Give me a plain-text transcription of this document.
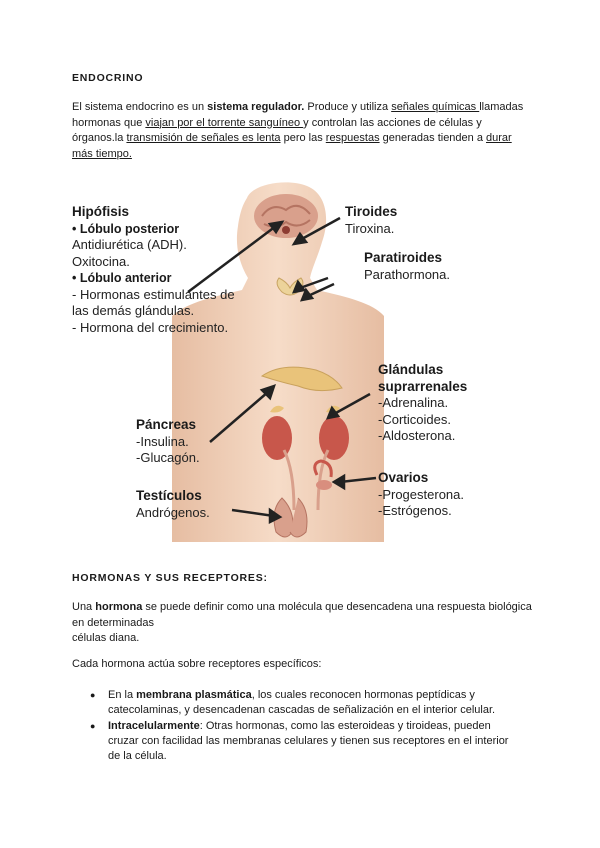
ENDOCRINO
El sistema endocrino es un sistema regulador. Produce y utiliza señales químicas llamadas hormonas que viajan por el torrente sanguíneo y controlan las acciones de células y órganos.la transmisión de señales es lenta pero las respuestas generadas tienden a durar más tiempo.
Hipófisis
• Lóbulo posterior
Antidiurética (ADH).
Oxitocina.
• Lóbulo anterior
- Hormonas estimulantes de
las demás glándulas.
- Hormona del crecimiento.
Tiroides
Tiroxina.
Paratiroides
Parathormona.
Glándulas
suprarrenales
-Adrenalina.
-Corticoides.
-Aldosterona.
Páncreas
-Insulina.
-Glucagón.
Ovarios
-Progesterona.
-Estrógenos.
Testículos
Andrógenos.
HORMONAS Y SUS RECEPTORES:
Una hormona se puede definir como una molécula que desencadena una respuesta biológica en determinadas
células diana.
Cada hormona actúa sobre receptores específicos:
● En la membrana plasmática, los cuales reconocen hormonas peptídicas y catecolaminas, y desencadenan cascadas de señalización en el interior celular.
● Intracelularmente: Otras hormonas, como las esteroideas y tiroideas, pueden cruzar con facilidad las membranas celulares y tienen sus receptores en el interior de la célula.
